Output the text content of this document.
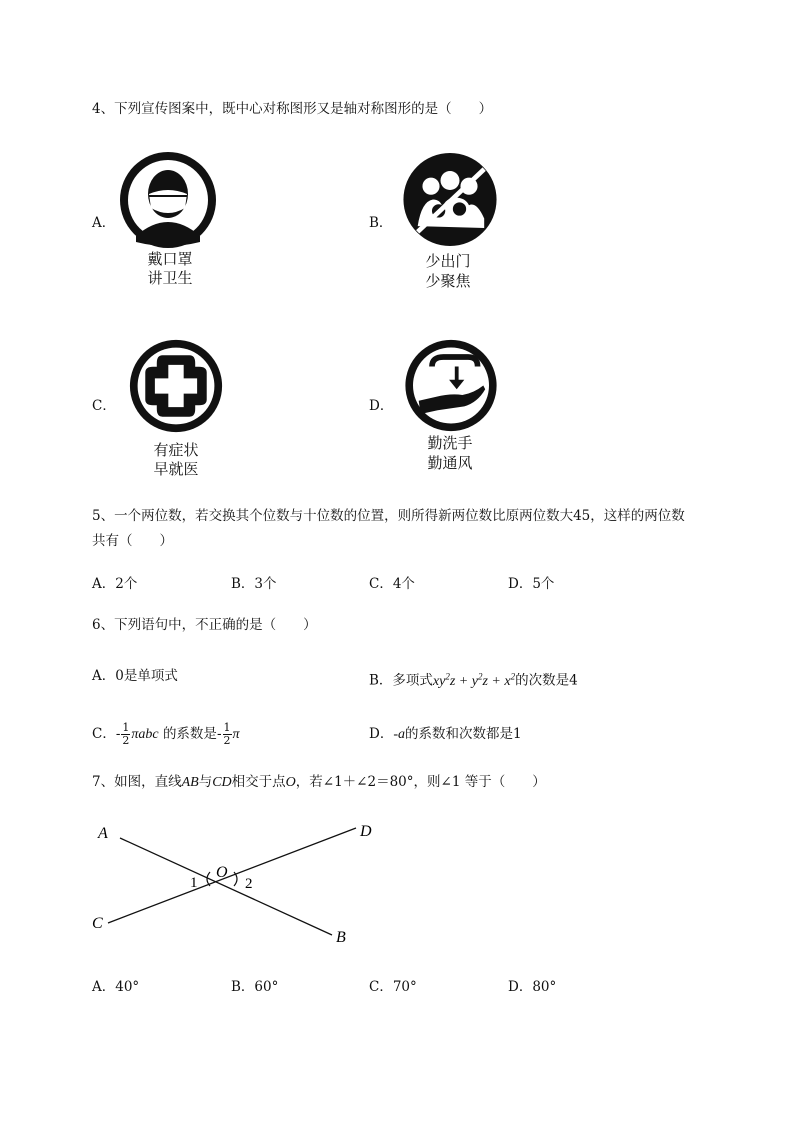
4、下列宣传图案中，既中心对称图形又是轴对称图形的是（　　）
A．
戴口罩
讲卫生
B．
少出门
少聚焦
C．
有症状
早就医
D．
勤洗手
勤通风
5、一个两位数，若交换其个位数与十位数的位置，则所得新两位数比原两位数大45，这样的两位数
共有（　　）
A．2个	B．3个	C．4个	D．5个
6、下列语句中，不正确的是（　　）
A．0是单项式	B．多项式$xy^2z + y^2z + x^2$的次数是4
C．- $\frac{1}{2}$ πabc 的系数是- $\frac{1}{2}$ π	D．-a的系数和次数都是1
7、如图，直线AB与CD相交于点O，若∠1＋∠2＝80°，则∠1 等于（　　）
A	D
C
B
O
1	2
A．40°	B．60°	C．70°	D．80°
